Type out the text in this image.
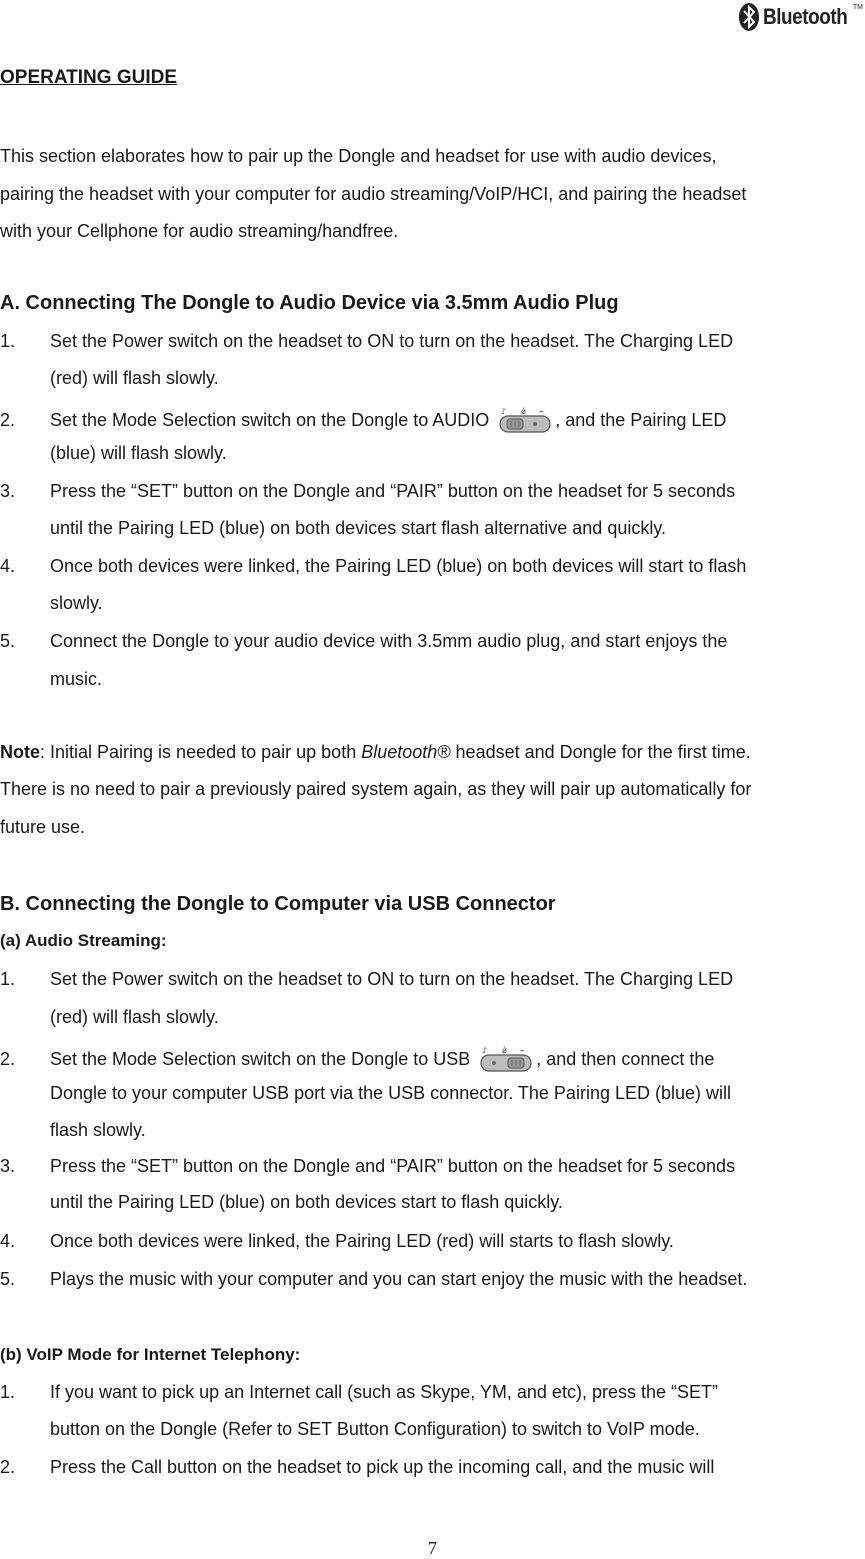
Bluetooth TM

OPERATING GUIDE

This section elaborates how to pair up the Dongle and headset for use with audio devices,

pairing the headset with your computer for audio streaming/VoIP/HCI, and pairing the headset

with your Cellphone for audio streaming/handfree.

A. Connecting The Dongle to Audio Device via 3.5mm Audio Plug

1. Set the Power switch on the headset to ON to turn on the headset. The Charging LED
(red) will flash slowly.
2. Set the Mode Selection switch on the Dongle to AUDIO ♪ ǿ ⌁ , and the Pairing LED
(blue) will flash slowly.
3. Press the “SET” button on the Dongle and “PAIR” button on the headset for 5 seconds
until the Pairing LED (blue) on both devices start flash alternative and quickly.
4. Once both devices were linked, the Pairing LED (blue) on both devices will start to flash
slowly.
5. Connect the Dongle to your audio device with 3.5mm audio plug, and start enjoys the
music.

Note: Initial Pairing is needed to pair up both Bluetooth® headset and Dongle for the first time.

There is no need to pair a previously paired system again, as they will pair up automatically for

future use.

B. Connecting the Dongle to Computer via USB Connector

(a) Audio Streaming:

1. Set the Power switch on the headset to ON to turn on the headset. The Charging LED
(red) will flash slowly.
2. Set the Mode Selection switch on the Dongle to USB ♪ ǿ ⌁ , and then connect the
Dongle to your computer USB port via the USB connector. The Pairing LED (blue) will
flash slowly.
3. Press the “SET” button on the Dongle and “PAIR” button on the headset for 5 seconds
until the Pairing LED (blue) on both devices start to flash quickly.
4. Once both devices were linked, the Pairing LED (red) will starts to flash slowly.
5. Plays the music with your computer and you can start enjoy the music with the headset.

(b) VoIP Mode for Internet Telephony:

1. If you want to pick up an Internet call (such as Skype, YM, and etc), press the “SET”
button on the Dongle (Refer to SET Button Configuration) to switch to VoIP mode.
2. Press the Call button on the headset to pick up the incoming call, and the music will
7
